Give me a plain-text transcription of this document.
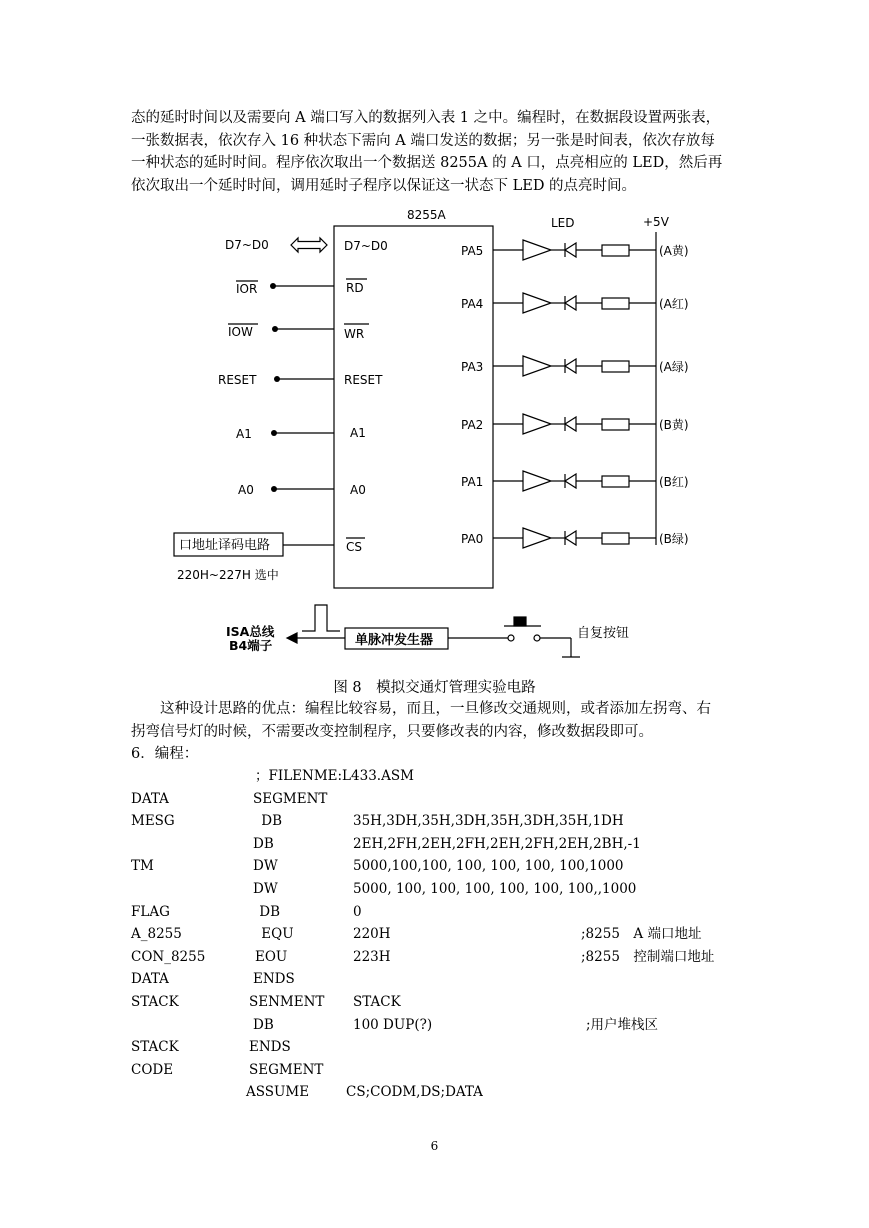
态的延时时间以及需要向 A 端口写入的数据列入表 1 之中。编程时，在数据段设置两张表，

一张数据表，依次存入 16 种状态下需向 A 端口发送的数据；另一张是时间表，依次存放每

一种状态的延时时间。程序依次取出一个数据送 8255A 的 A 口，点亮相应的 LED，然后再

依次取出一个延时时间，调用延时子程序以保证这一状态下 LED 的点亮时间。

8255A
LED	+5V
D7~D0
IOR
IOW
RESET
A1
A0
D7~D0
RD
WR
RESET
A1
A0
CS
口地址译码电路
220H~227H 选中
ISA总线
B4端子	单脉冲发生器	自复按钮
PA5	(A黄)
PA4	(A红)
PA3	(A绿)
PA2	(B黄)
PA1	(B红)
PA0	(B绿)
图 8　模拟交通灯管理实验电路

这种设计思路的优点：编程比较容易，而且，一旦修改交通规则，或者添加左拐弯、右

拐弯信号灯的时候，不需要改变控制程序，只要修改表的内容，修改数据段即可。

6．编程：

；FILENME:L433.ASM
DATA	SEGMENT
MESG	DB	35H,3DH,35H,3DH,35H,3DH,35H,1DH
DB	2EH,2FH,2EH,2FH,2EH,2FH,2EH,2BH,-1
TM	DW	5000,100,100, 100, 100, 100, 100,1000
DW	5000, 100, 100, 100, 100, 100, 100,,1000
FLAG	DB	0
A_8255	EQU	220H	;8255　A 端口地址
CON_8255	EOU	223H	;8255　控制端口地址
DATA	ENDS
STACK	SENMENT STACK
DB	100 DUP(?)	;用户堆栈区
STACK	ENDS
CODE	SEGMENT
ASSUME	CS;CODM,DS;DATA
6
